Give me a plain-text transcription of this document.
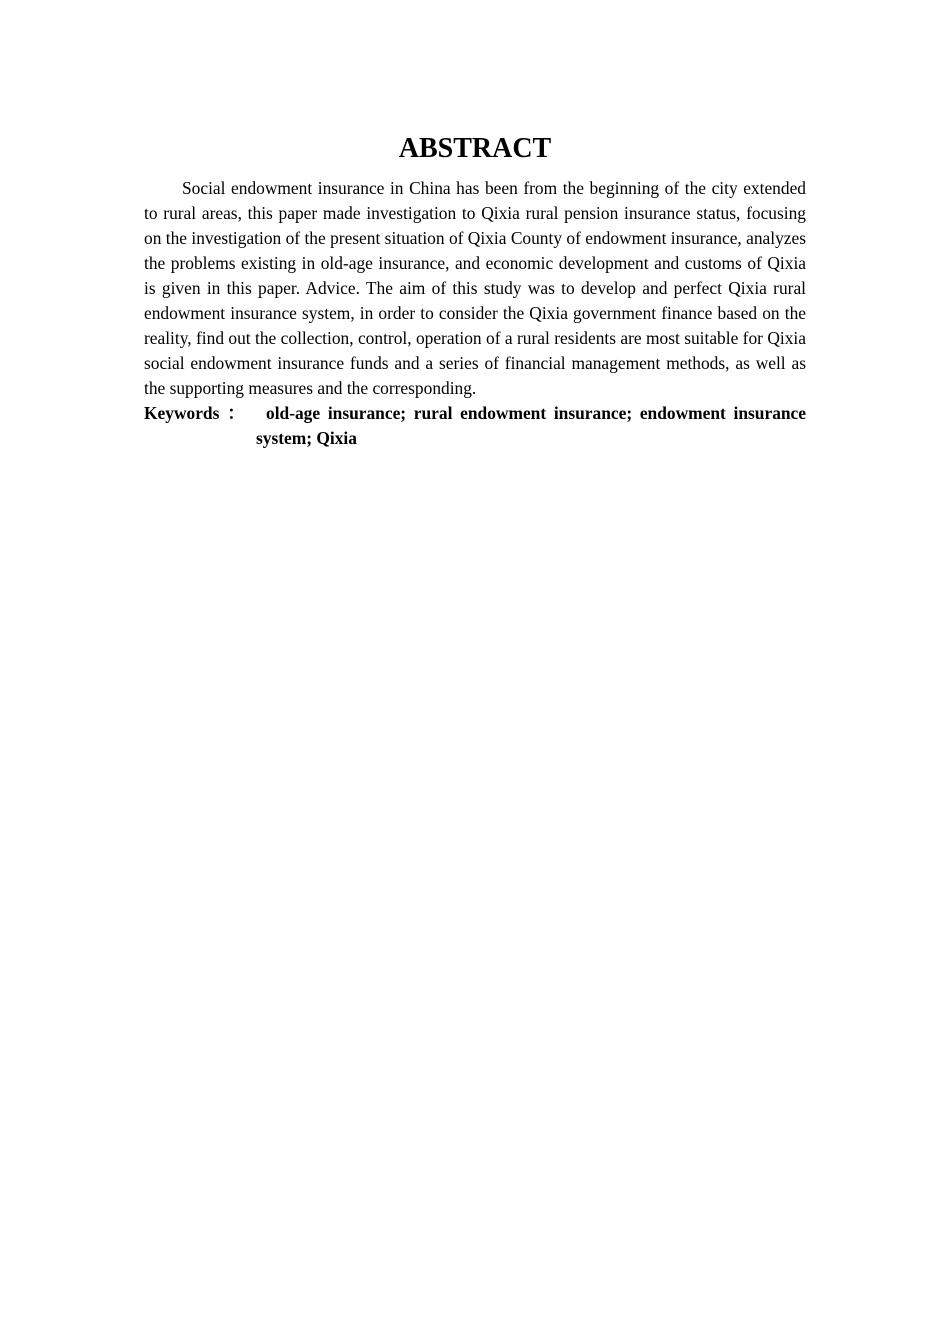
ABSTRACT

Social endowment insurance in China has been from the beginning of the city extended to rural areas, this paper made investigation to Qixia rural pension insurance status, focusing on the investigation of the present situation of Qixia County of endowment insurance, analyzes the problems existing in old-age insurance, and economic development and customs of Qixia is given in this paper. Advice. The aim of this study was to develop and perfect Qixia rural endowment insurance system, in order to consider the Qixia government finance based on the reality, find out the collection, control, operation of a rural residents are most suitable for Qixia social endowment insurance funds and a series of financial management methods, as well as the supporting measures and the corresponding.

Keywords ：	old-age insurance; rural endowment insurance; endowment insurance system; Qixia
